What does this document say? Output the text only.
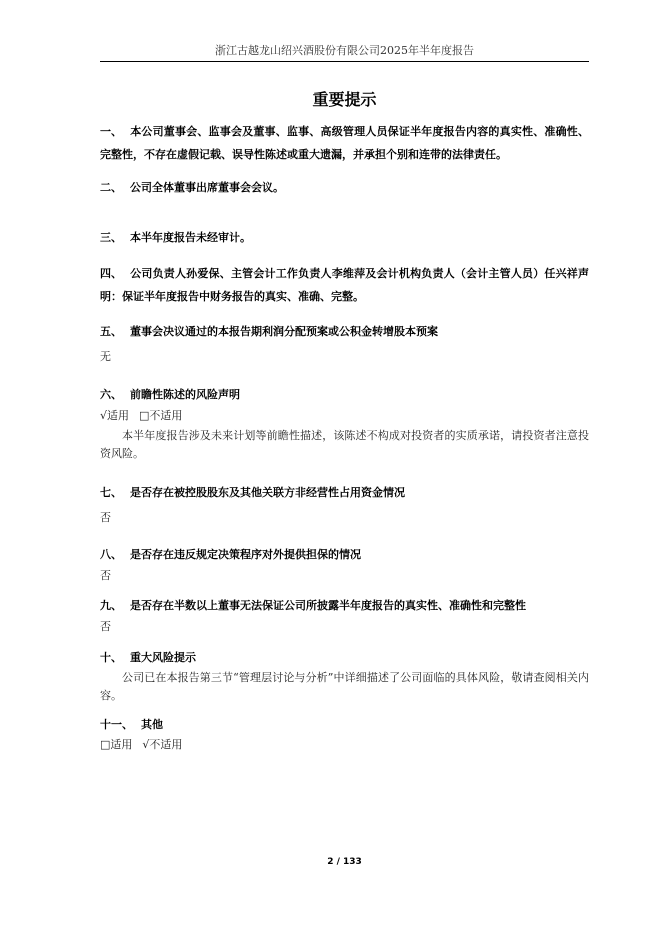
浙江古越龙山绍兴酒股份有限公司2025年半年度报告
重要提示
一、 本公司董事会、监事会及董事、监事、高级管理人员保证半年度报告内容的真实性、准确性、完整性，不存在虚假记载、误导性陈述或重大遗漏，并承担个别和连带的法律责任。
二、 公司全体董事出席董事会会议。
三、 本半年度报告未经审计。
四、 公司负责人孙爱保、主管会计工作负责人李维萍及会计机构负责人（会计主管人员）任兴祥声明：保证半年度报告中财务报告的真实、准确、完整。
五、 董事会决议通过的本报告期利润分配预案或公积金转增股本预案
无
六、 前瞻性陈述的风险声明
√适用 □不适用
本半年度报告涉及未来计划等前瞻性描述，该陈述不构成对投资者的实质承诺，请投资者注意投资风险。
七、 是否存在被控股股东及其他关联方非经营性占用资金情况
否
八、 是否存在违反规定决策程序对外提供担保的情况
否
九、 是否存在半数以上董事无法保证公司所披露半年度报告的真实性、准确性和完整性
否
十、 重大风险提示
公司已在本报告第三节“管理层讨论与分析”中详细描述了公司面临的具体风险，敬请查阅相关内容。
十一、 其他
□适用 √不适用
2 / 133
